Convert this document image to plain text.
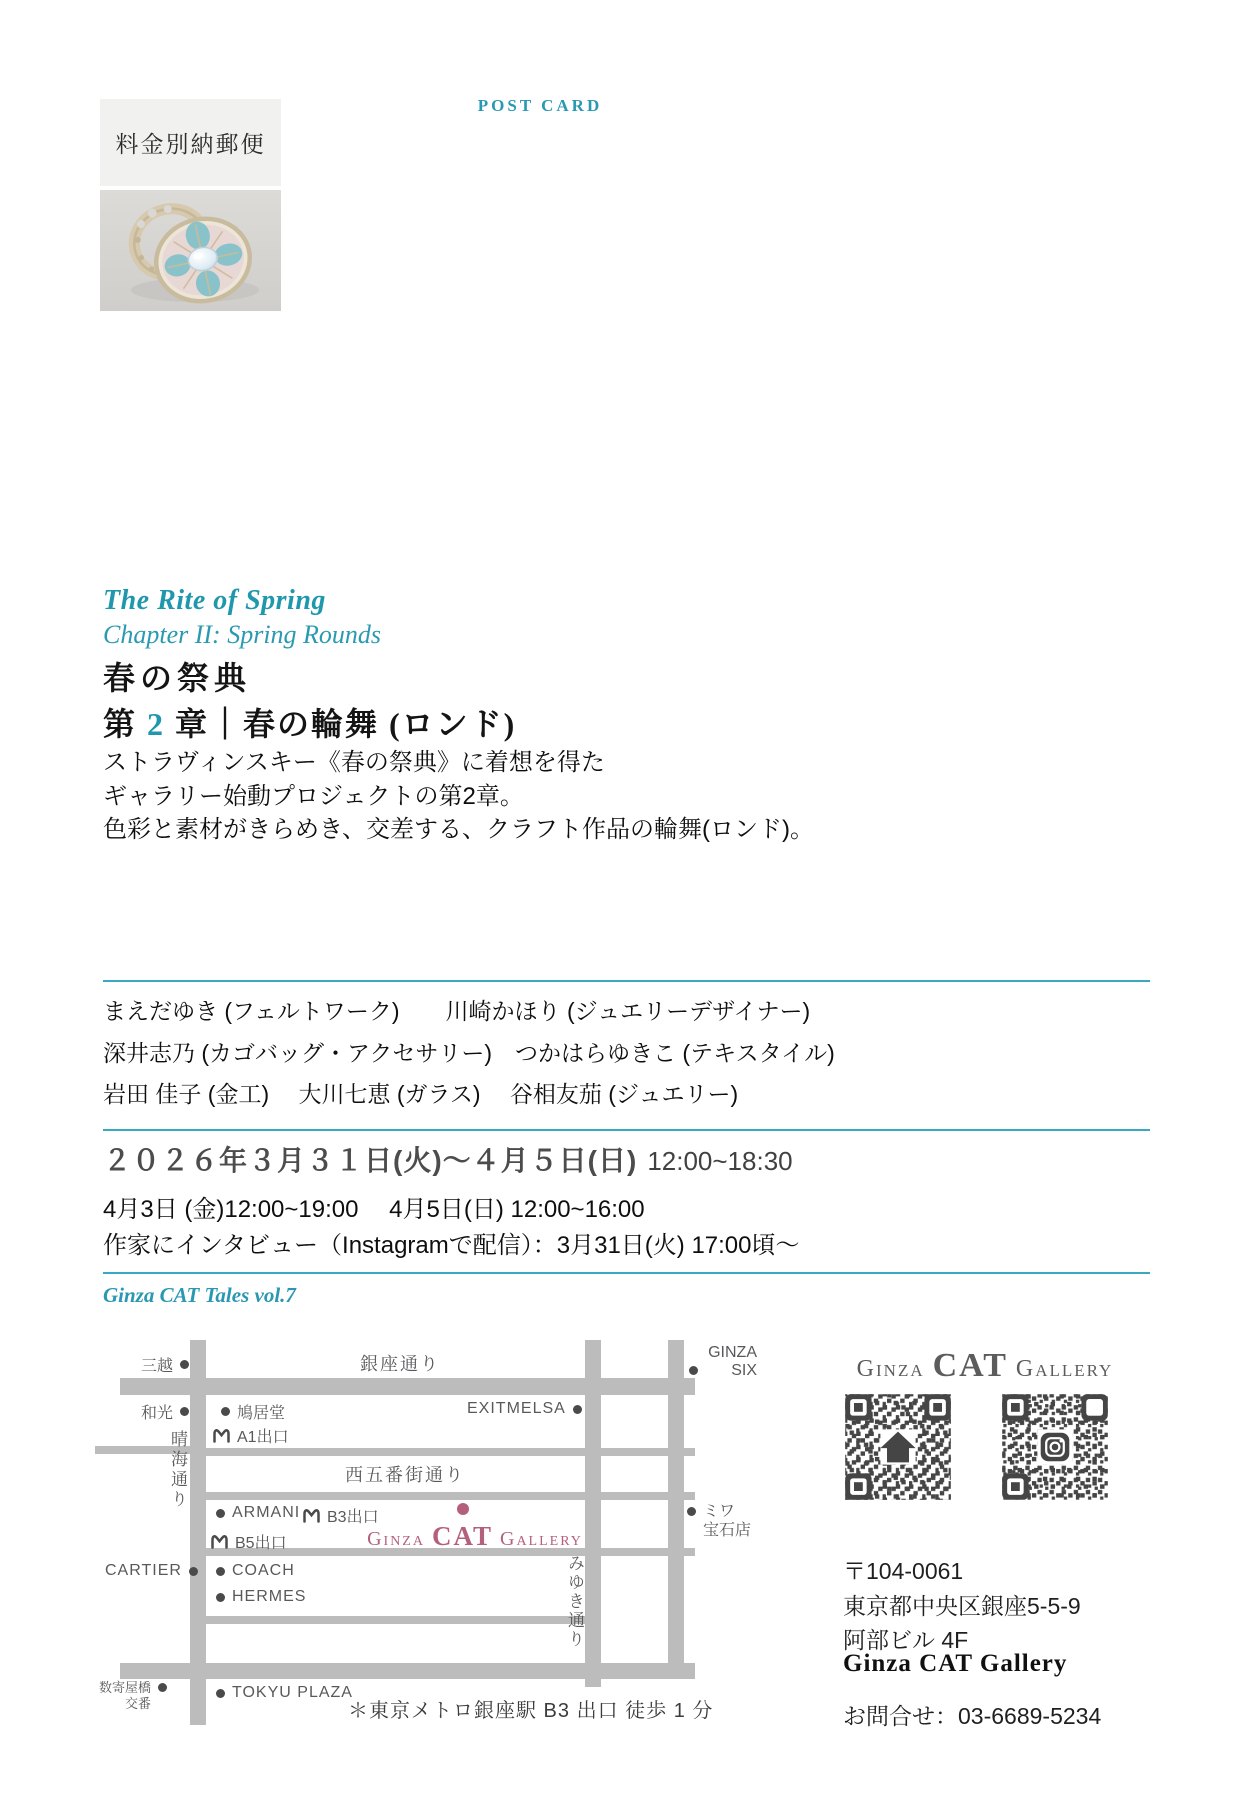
料金別納郵便
POST CARD
The Rite of Spring
Chapter II: Spring Rounds
春の祭典
第 2 章｜春の輪舞 (ロンド)
ストラヴィンスキー《春の祭典》に着想を得た
ギャラリー始動プロジェクトの第2章。
色彩と素材がきらめき、交差する、クラフト作品の輪舞(ロンド)。
まえだゆき (フェルトワーク)　　川崎かほり (ジュエリーデザイナー)
深井志乃 (カゴバッグ・アクセサリー)　つかはらゆきこ (テキスタイル)
岩田 佳子 (金工)　 大川七恵 (ガラス)　 谷相友茄 (ジュエリー)
２０２６年３月３１日(火)～４月５日(日) 12:00~18:30
4月3日 (金)12:00~19:00　 4月5日(日) 12:00~16:00
作家にインタビュー（Instagramで配信）：3月31日(火) 17:00頃～
Ginza CAT Tales vol.7
銀座通り
西五番街通り
晴海通り
みゆき通り
三越
GINZA
SIX
和光	鳩居堂	EXITMELSA
A1出口
ARMANI B3出口
Ginza CAT Gallery
B5出口
CARTIER	COACH
HERMES
ミワ
宝石店
数寄屋橋
交番
TOKYU PLAZA
＊東京メトロ銀座駅 B3 出口 徒歩 1 分
Ginza CAT Gallery
〒104-0061
東京都中央区銀座5-5-9
阿部ビル 4F
Ginza CAT Gallery
お問合せ：03-6689-5234
